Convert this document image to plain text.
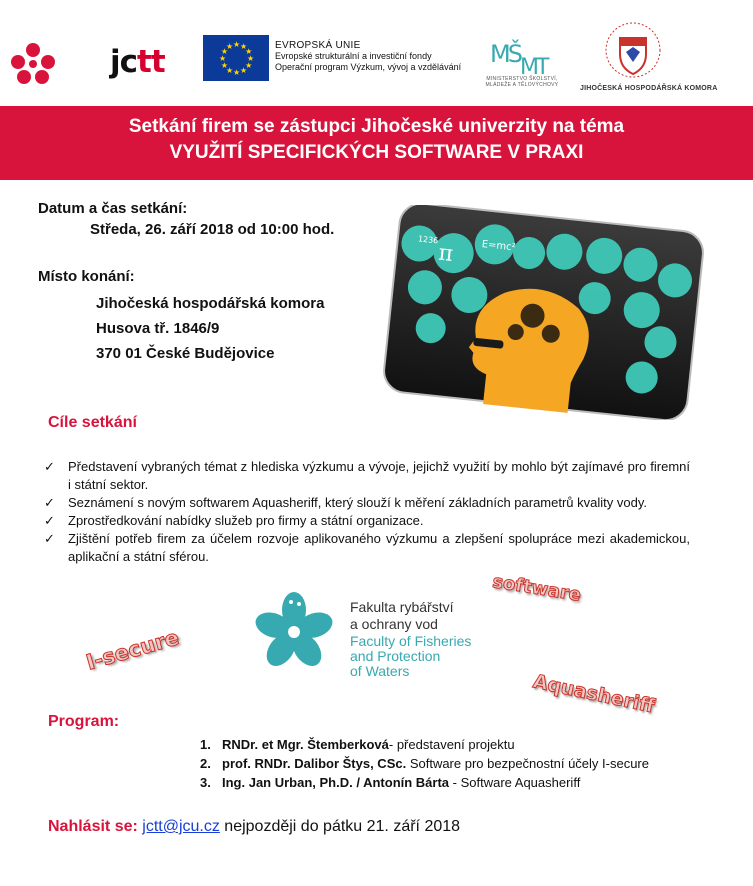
jctt	★
★
★
★
★
★
★
★
★ ★ ★
★
EVROPSKÁ UNIE
Evropské strukturální a investiční fondy
Operační program Výzkum, vývoj a vzdělávání MŠ MT
MINISTERSTVO ŠKOLSTVÍ,
MLÁDEŽE A TĚLOVÝCHOVY	JIHOČESKÁ HOSPODÁŘSKÁ KOMORA
Setkání firem se zástupci Jihočeské univerzity na téma
VYUŽITÍ SPECIFICKÝCH SOFTWARE V PRAXI
Datum a čas setkání:
Středa, 26. září 2018 od 10:00 hod.
Místo konání:
Jihočeská hospodářská komora
Husova tř. 1846/9
370 01 České Budějovice
1236
π	E=mc²
Cíle setkání
✓ Představení vybraných témat z hlediska výzkumu a vývoje, jejichž využití by mohlo být zajímavé pro firemní i státní sektor.
✓ Seznámení s novým softwarem Aquasheriff, který slouží k měření základních parametrů kvality vody.
✓ Zprostředkování nabídky služeb pro firmy a státní organizace.
✓ Zjištění potřeb firem za účelem rozvoje aplikovaného výzkumu a zlepšení spolupráce mezi akademickou, aplikační a státní sférou.
Fakulta rybářství
a ochrany vod
Faculty of Fisheries
and Protection
of Waters
software
I-secure
Aquasheriff
Program:
1. RNDr. et Mgr. Štemberková- představení projektu
2. prof. RNDr. Dalibor Štys, CSc. Software pro bezpečnostní účely I-secure
3. Ing. Jan Urban, Ph.D. / Antonín Bárta - Software Aquasheriff
Nahlásit se: jctt@jcu.cz nejpozději do pátku 21. září 2018
